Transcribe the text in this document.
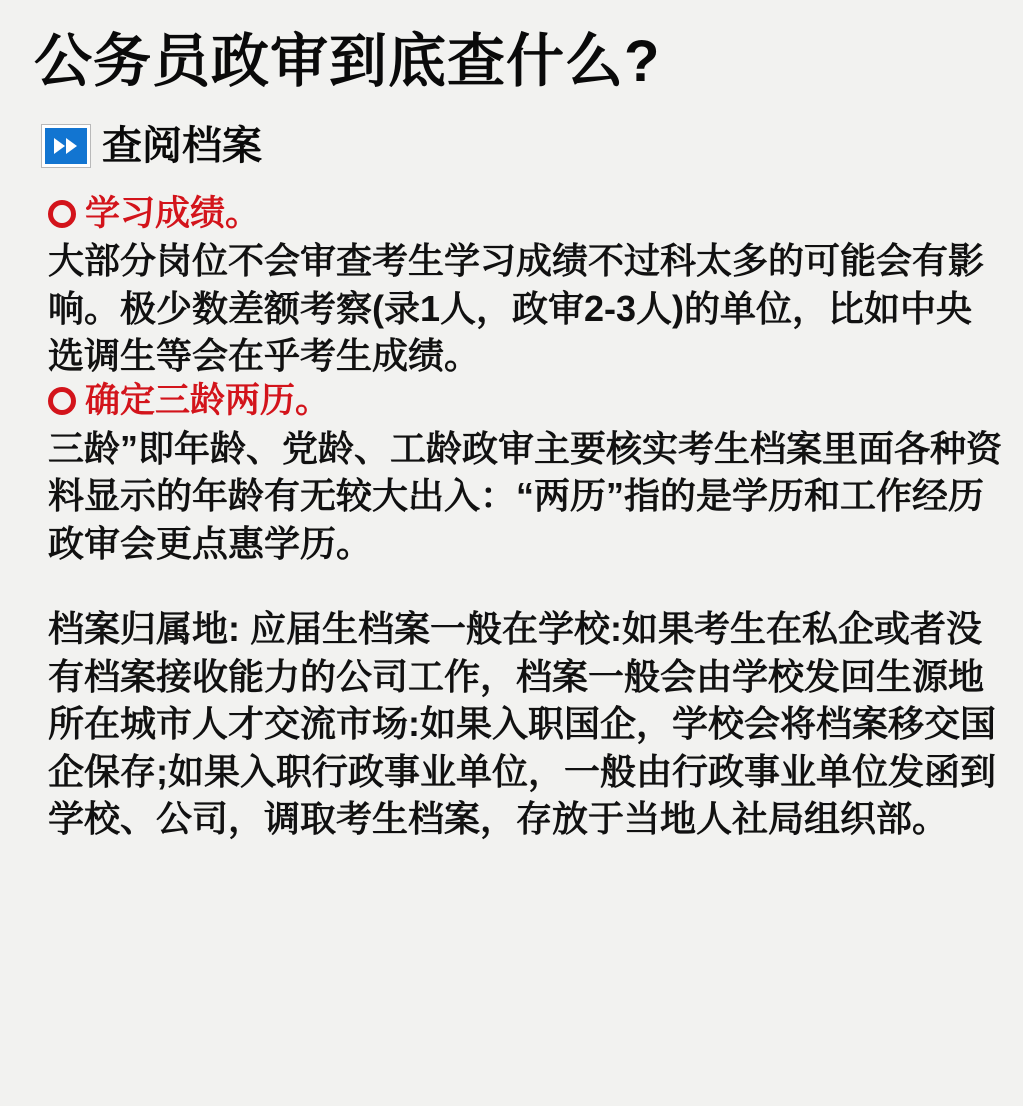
公务员政审到底查什么?
查阅档案
学习成绩。

大部分岗位不会审查考生学习成绩不过科太多的可能会有影响。极少数差额考察(录1人，政审2-3人)的单位，比如中央选调生等会在乎考生成绩。

确定三龄两历。

三龄”即年龄、党龄、工龄政审主要核实考生档案里面各种资料显示的年龄有无较大出入：“两历”指的是学历和工作经历政审会更点惠学历。

档案归属地: 应届生档案一般在学校:如果考生在私企或者没有档案接收能力的公司工作，档案一般会由学校发回生源地所在城市人才交流市场:如果入职国企，学校会将档案移交国企保存;如果入职行政事业单位，一般由行政事业单位发函到学校、公司，调取考生档案，存放于当地人社局组织部。
